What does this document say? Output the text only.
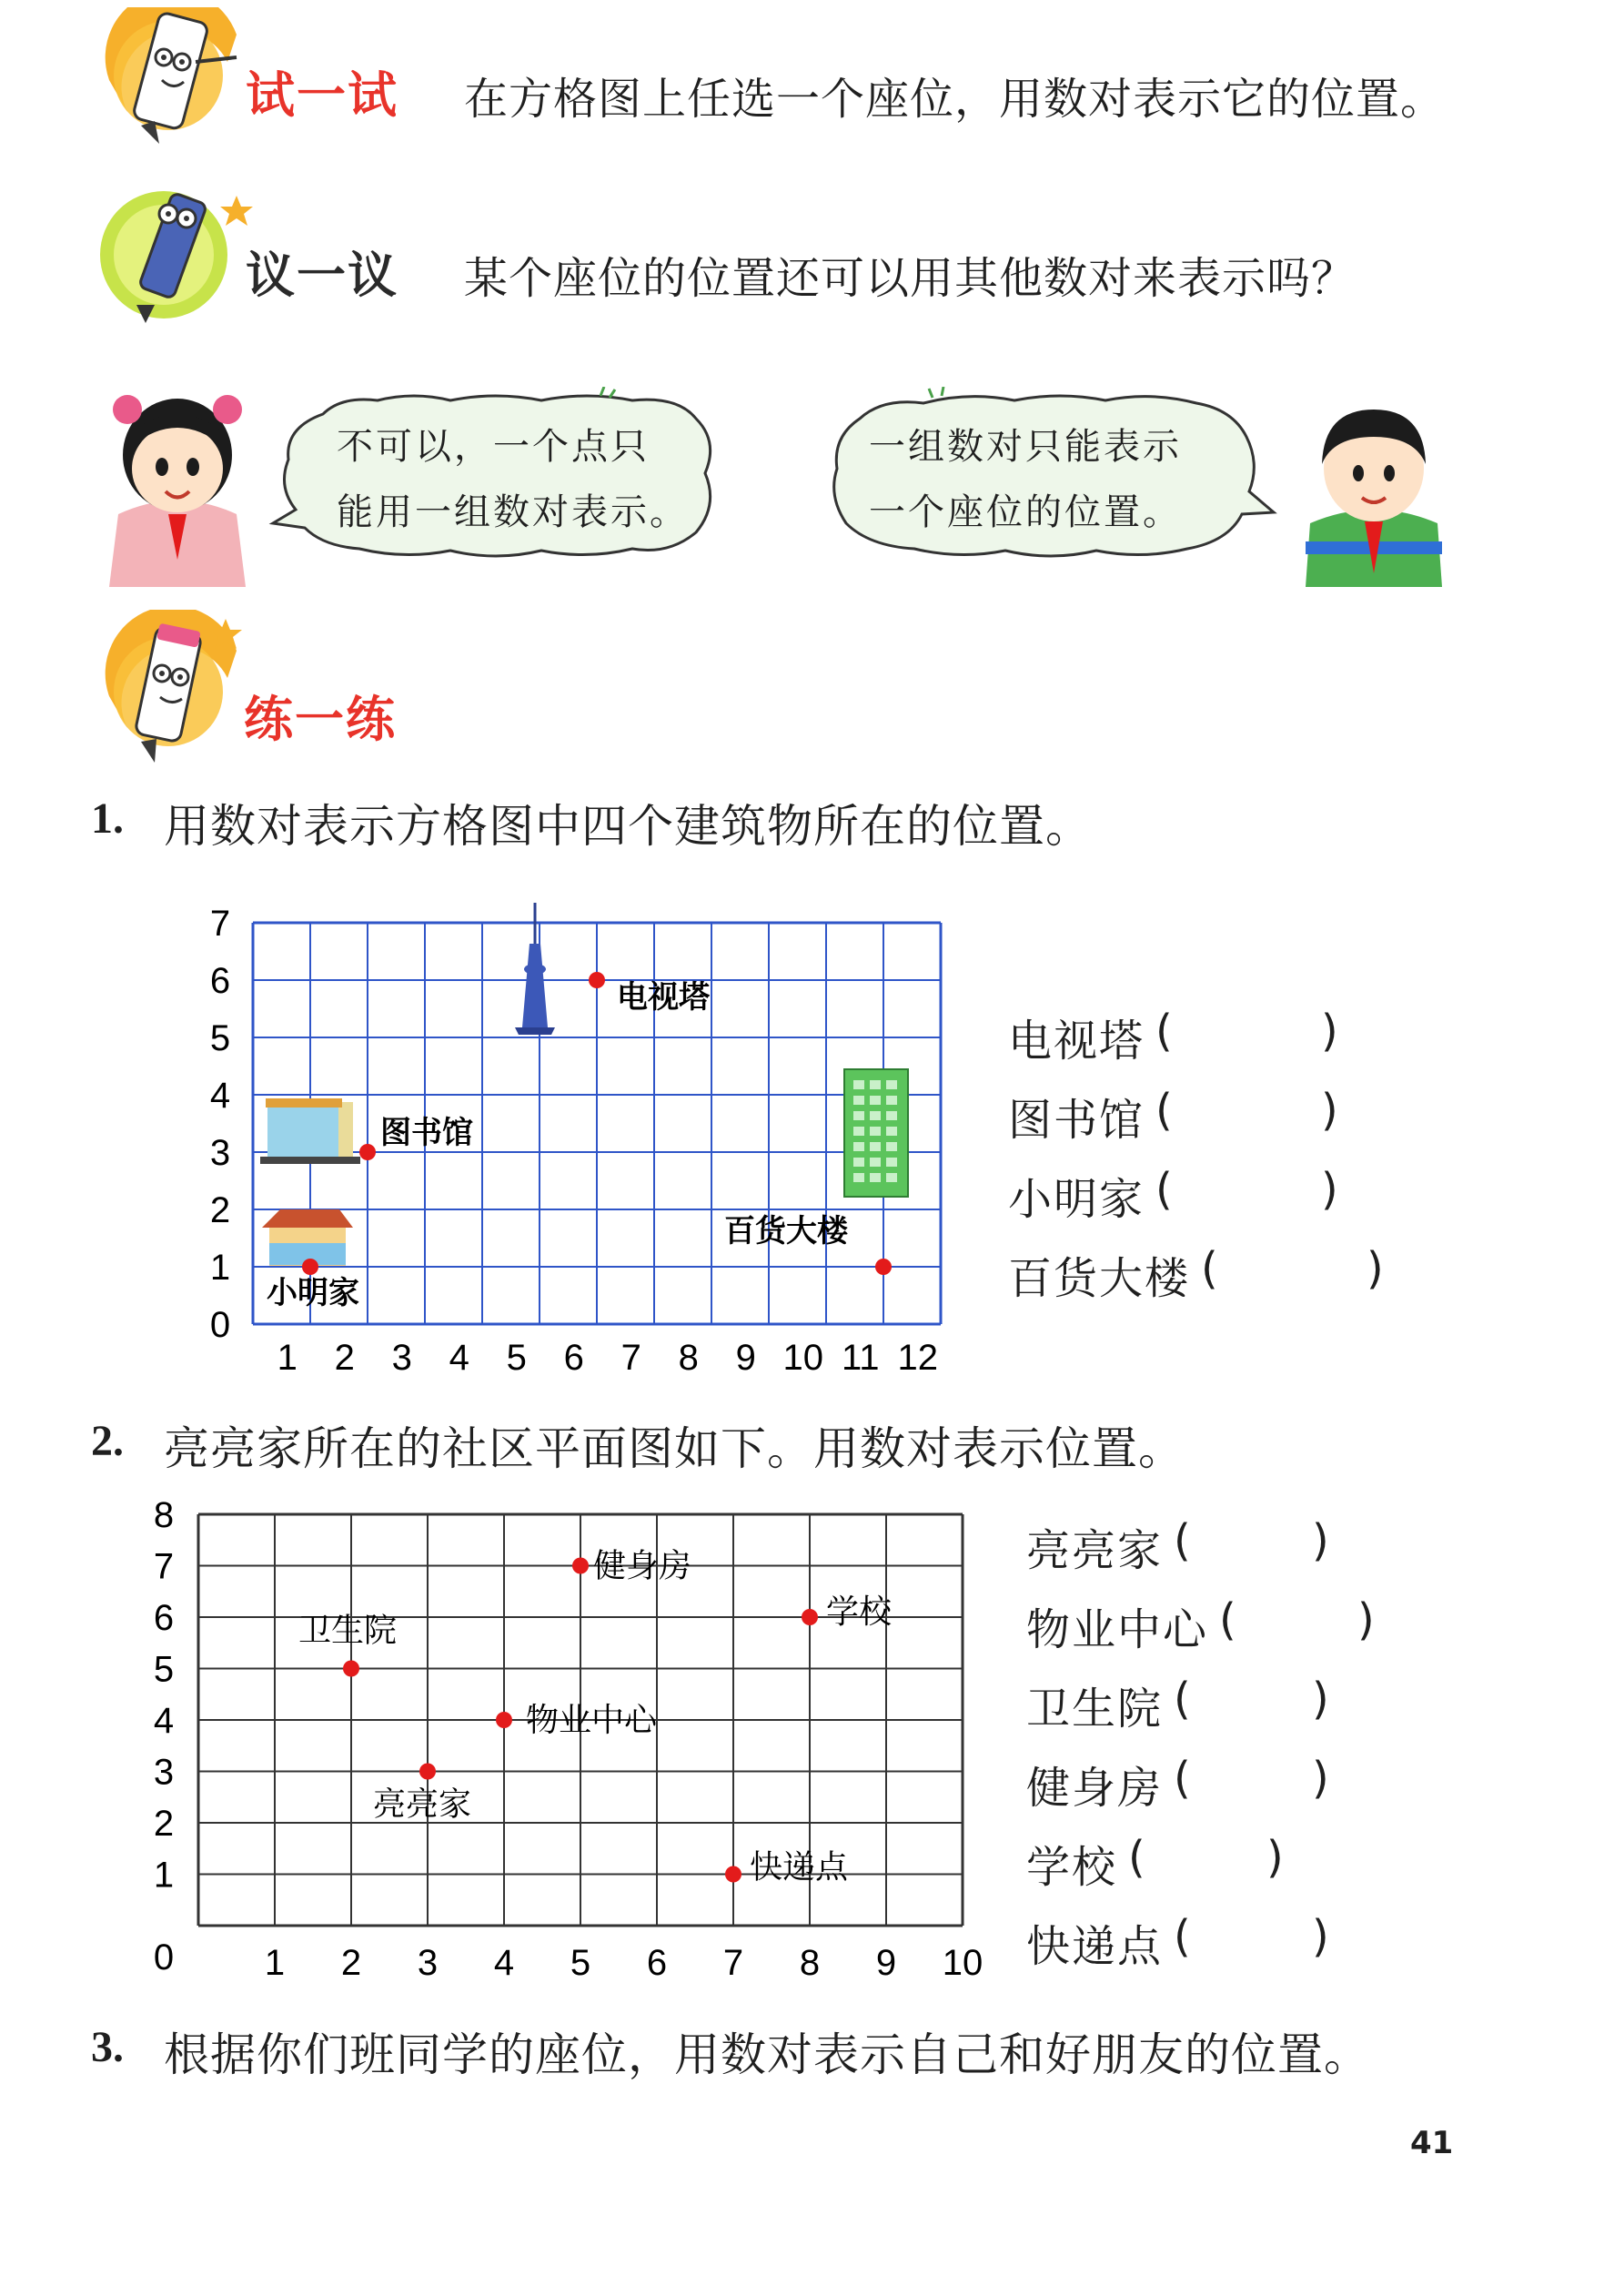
试一试 在方格图上任选一个座位，用数对表示它的位置。
议一议 某个座位的位置还可以用其他数对来表示吗？
不可以，一个点只
能用一组数对表示。
一组数对只能表示
一个座位的位置。
练一练
1. 用数对表示方格图中四个建筑物所在的位置。
1 2 3 4 5 6 7 8 9 10 11 12
1
2
3
4
5
6
7
0
电视塔
图书馆
小明家
百货大楼
电视塔 (	)
图书馆 (	)
小明家 (	)
百货大楼 (	)
2. 亮亮家所在的社区平面图如下。用数对表示位置。
1 2 3 4 5 6 7 8 9 10
1
2
3
4
5
6
7
8
0
健身房
学校
卫生院
物业中心
亮亮家
快递点
亮亮家 (	)
物业中心 (	)
卫生院 (	)
健身房 (	)
学校 (	)
快递点 (	)
3. 根据你们班同学的座位，用数对表示自己和好朋友的位置。
41
